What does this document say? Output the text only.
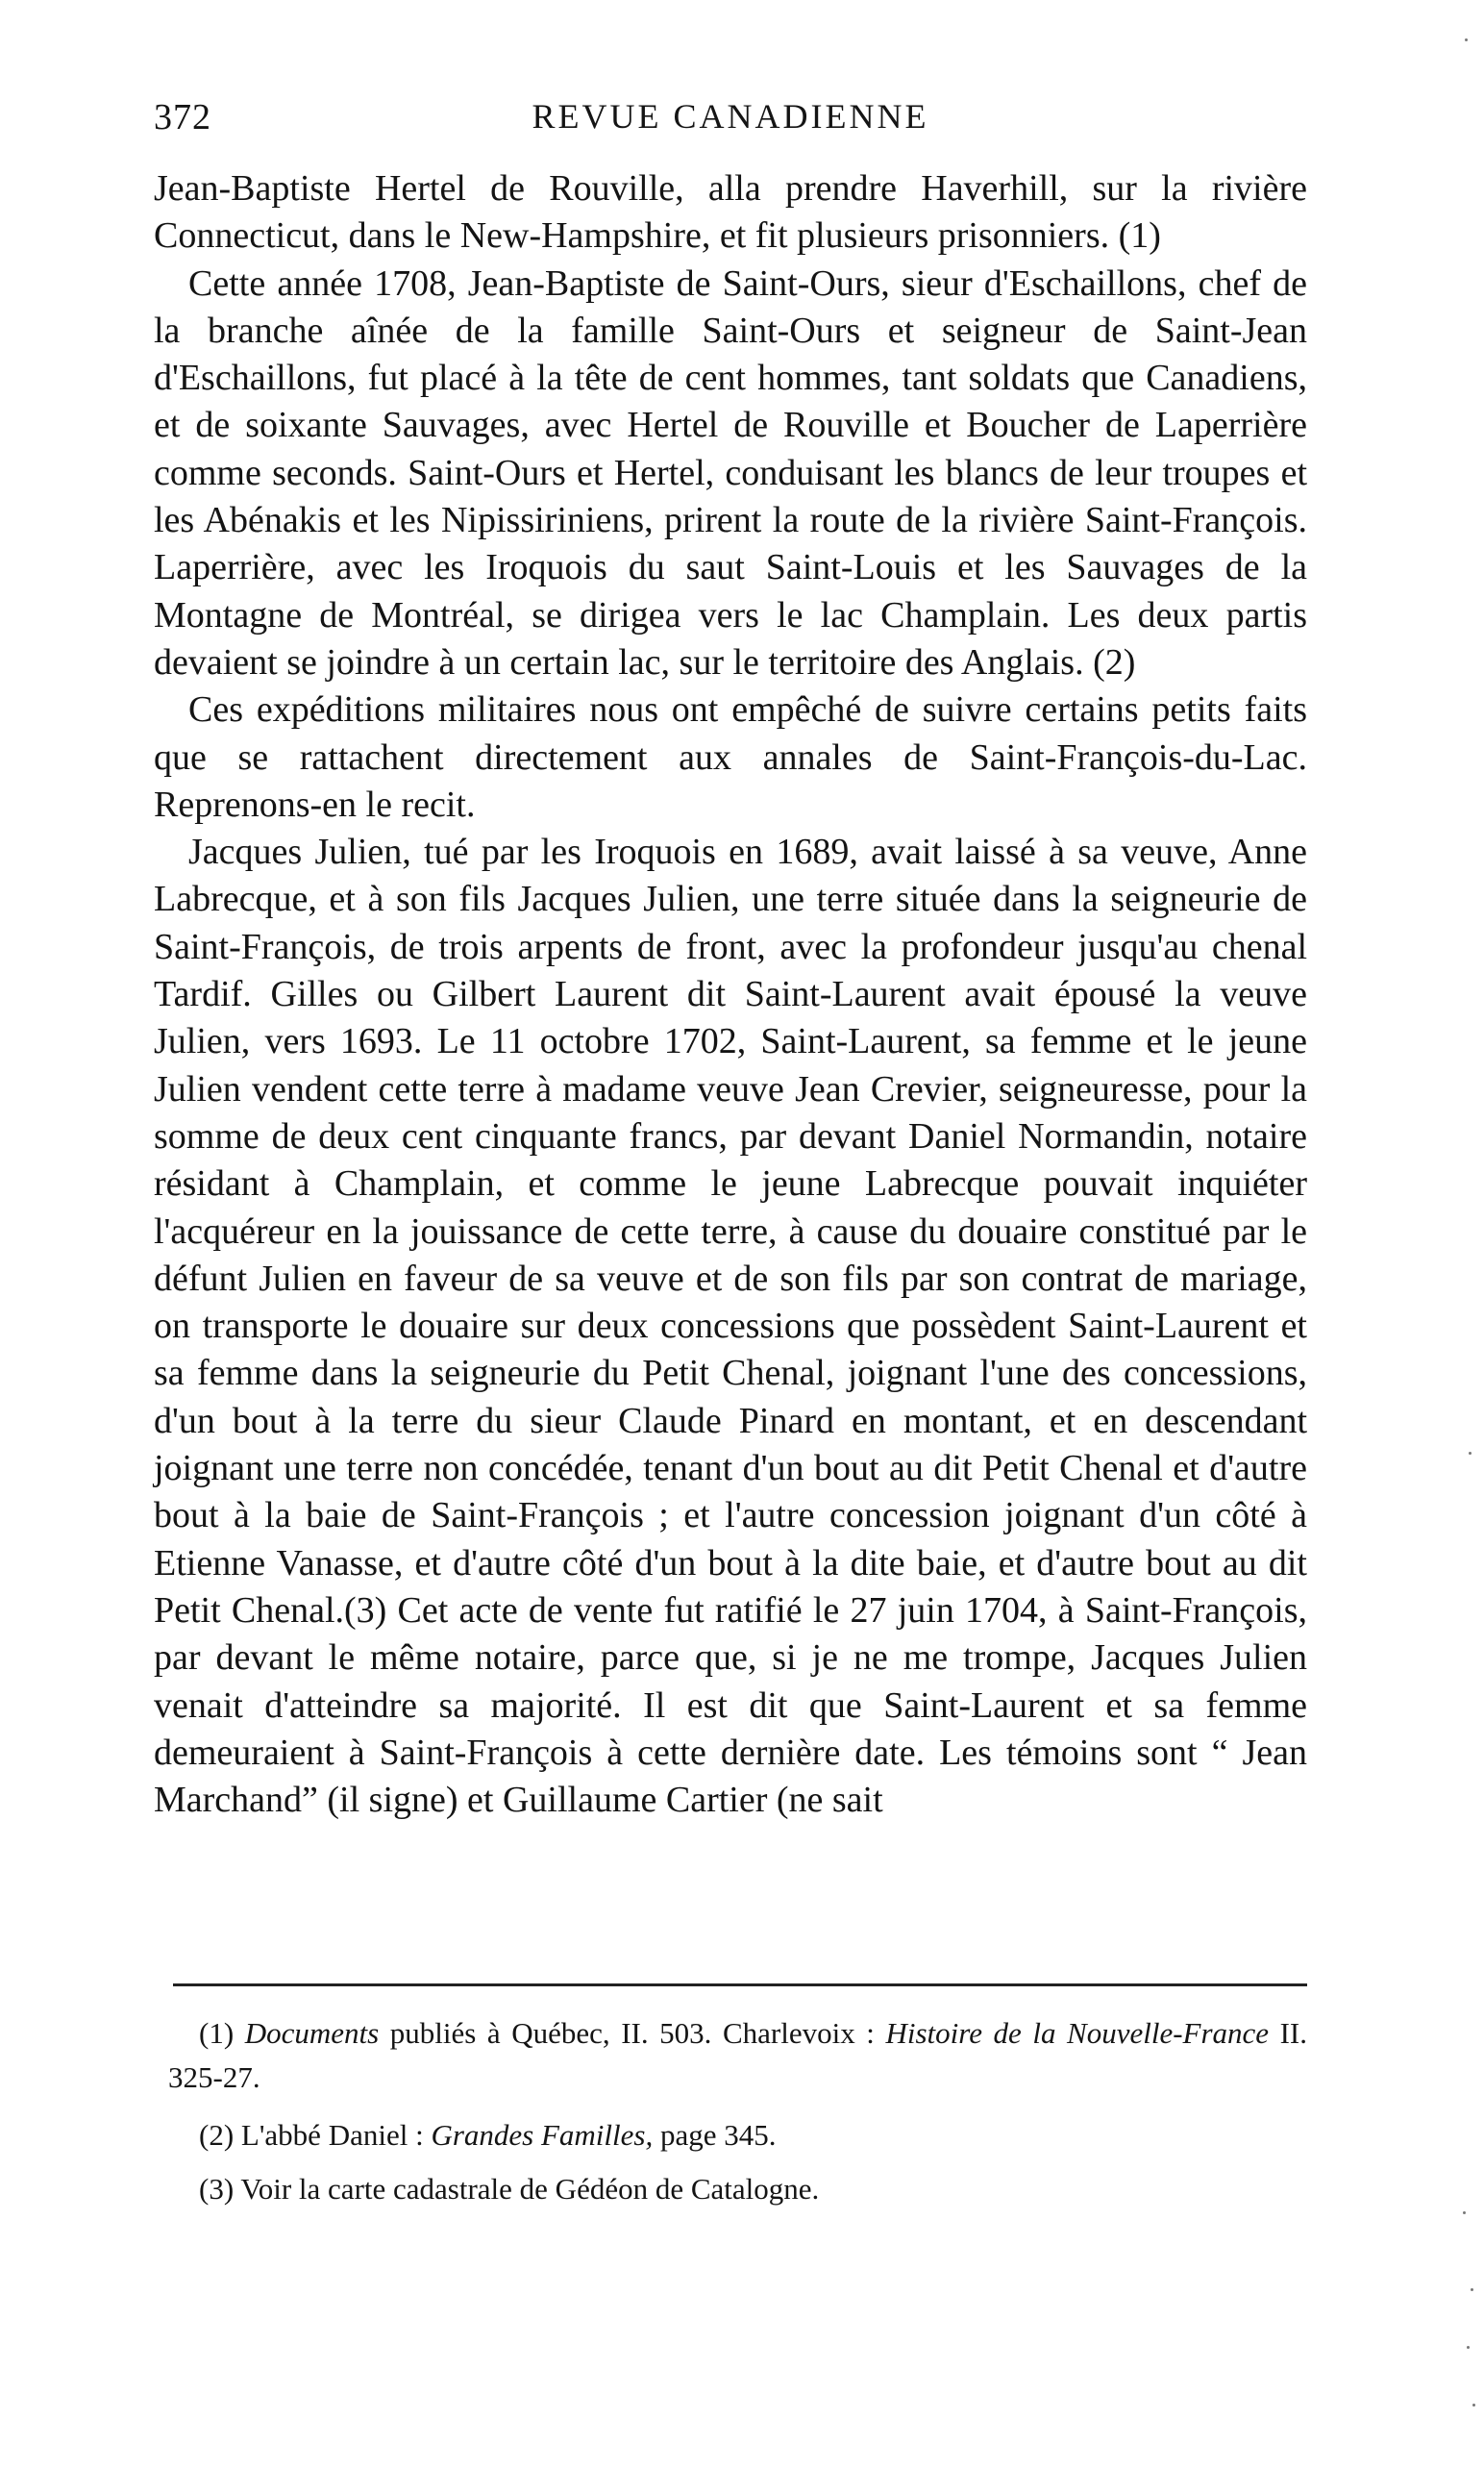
372	REVUE CANADIENNE

Jean-Baptiste Hertel de Rouville, alla prendre Haverhill, sur la rivière Connecticut, dans le New-Hampshire, et fit plusieurs prisonniers. (1)

Cette année 1708, Jean-Baptiste de Saint-Ours, sieur d'Eschaillons, chef de la branche aînée de la famille Saint-Ours et seigneur de Saint-Jean d'Eschaillons, fut placé à la tête de cent hommes, tant soldats que Canadiens, et de soixante Sauvages, avec Hertel de Rouville et Boucher de Laperrière comme seconds. Saint-Ours et Hertel, conduisant les blancs de leur troupes et les Abénakis et les Nipissiriniens, prirent la route de la rivière Saint-François. Laperrière, avec les Iroquois du saut Saint-Louis et les Sauvages de la Montagne de Montréal, se dirigea vers le lac Champlain. Les deux partis devaient se joindre à un certain lac, sur le territoire des Anglais. (2)

Ces expéditions militaires nous ont empêché de suivre certains petits faits que se rattachent directement aux annales de Saint-François-du-Lac. Reprenons-en le recit.

Jacques Julien, tué par les Iroquois en 1689, avait laissé à sa veuve, Anne Labrecque, et à son fils Jacques Julien, une terre située dans la seigneurie de Saint-François, de trois arpents de front, avec la profondeur jusqu'au chenal Tardif. Gilles ou Gilbert Laurent dit Saint-Laurent avait épousé la veuve Julien, vers 1693. Le 11 octobre 1702, Saint-Laurent, sa femme et le jeune Julien vendent cette terre à madame veuve Jean Crevier, seigneuresse, pour la somme de deux cent cinquante francs, par devant Daniel Normandin, notaire résidant à Champlain, et comme le jeune Labrecque pouvait inquiéter l'acquéreur en la jouissance de cette terre, à cause du douaire constitué par le défunt Julien en faveur de sa veuve et de son fils par son contrat de mariage, on transporte le douaire sur deux concessions que possèdent Saint-Laurent et sa femme dans la seigneurie du Petit Chenal, joignant l'une des concessions, d'un bout à la terre du sieur Claude Pinard en montant, et en descendant joignant une terre non concédée, tenant d'un bout au dit Petit Chenal et d'autre bout à la baie de Saint-François ; et l'autre concession joignant d'un côté à Etienne Vanasse, et d'autre côté d'un bout à la dite baie, et d'autre bout au dit Petit Chenal.(3) Cet acte de vente fut ratifié le 27 juin 1704, à Saint-François, par devant le même notaire, parce que, si je ne me trompe, Jacques Julien venait d'atteindre sa majorité. Il est dit que Saint-Laurent et sa femme demeuraient à Saint-François à cette dernière date. Les témoins sont “ Jean Marchand” (il signe) et Guillaume Cartier (ne sait

(1) Documents publiés à Québec, II. 503. Charlevoix : Histoire de la Nouvelle-France II. 325-27.

(2) L'abbé Daniel : Grandes Familles, page 345.

(3) Voir la carte cadastrale de Gédéon de Catalogne.
